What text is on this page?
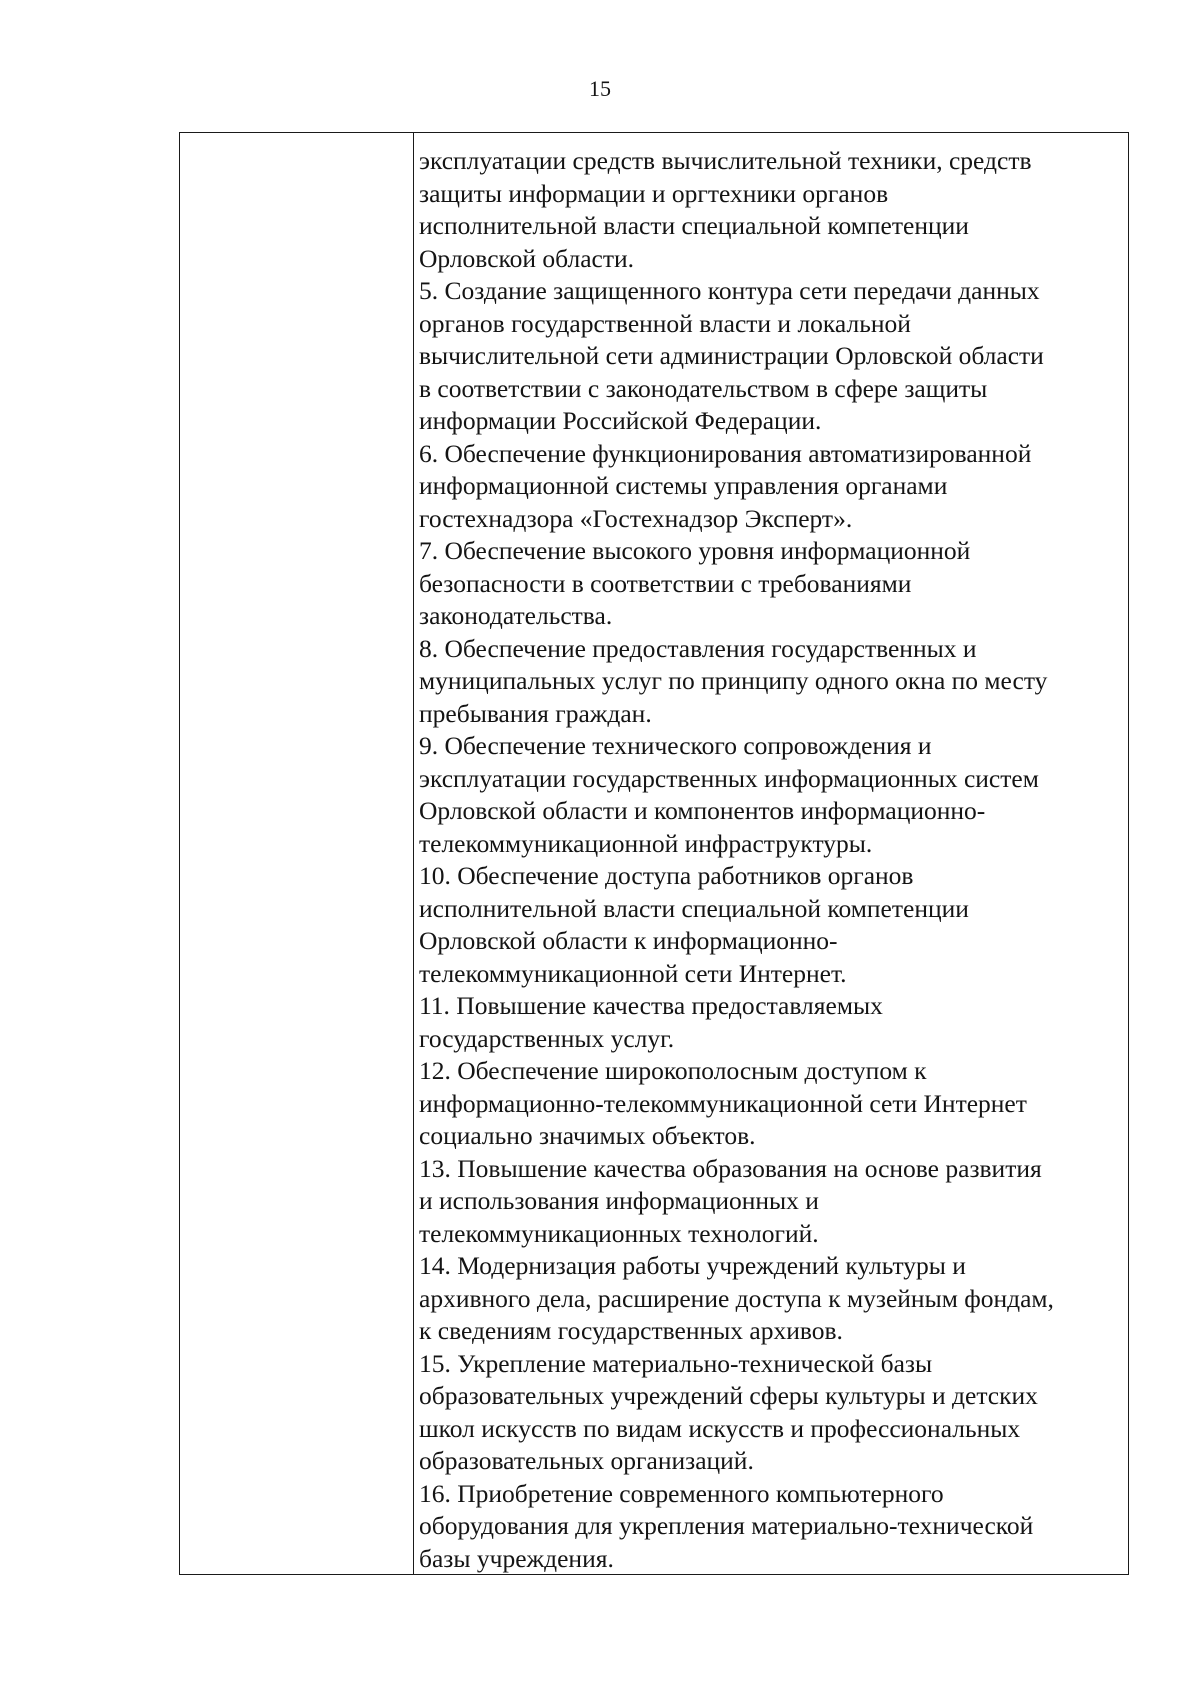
15
эксплуатации средств вычислительной техники, средств
защиты информации и оргтехники органов
исполнительной власти специальной компетенции
Орловской области.
5. Создание защищенного контура сети передачи данных
органов государственной власти и локальной
вычислительной сети администрации Орловской области
в соответствии с законодательством в сфере защиты
информации Российской Федерации.
6. Обеспечение функционирования автоматизированной
информационной системы управления органами
гостехнадзора «Гостехнадзор Эксперт».
7. Обеспечение высокого уровня информационной
безопасности в соответствии с требованиями
законодательства.
8. Обеспечение предоставления государственных и
муниципальных услуг по принципу одного окна по месту
пребывания граждан.
9. Обеспечение технического сопровождения и
эксплуатации государственных информационных систем
Орловской области и компонентов информационно-
телекоммуникационной инфраструктуры.
10. Обеспечение доступа работников органов
исполнительной власти специальной компетенции
Орловской области к информационно-
телекоммуникационной сети Интернет.
11. Повышение качества предоставляемых
государственных услуг.
12. Обеспечение широкополосным доступом к
информационно-телекоммуникационной сети Интернет
социально значимых объектов.
13. Повышение качества образования на основе развития
и использования информационных и
телекоммуникационных технологий.
14. Модернизация работы учреждений культуры и
архивного дела, расширение доступа к музейным фондам,
к сведениям государственных архивов.
15. Укрепление материально-технической базы
образовательных учреждений сферы культуры и детских
школ искусств по видам искусств и профессиональных
образовательных организаций.
16. Приобретение современного компьютерного
оборудования для укрепления материально-технической
базы учреждения.
